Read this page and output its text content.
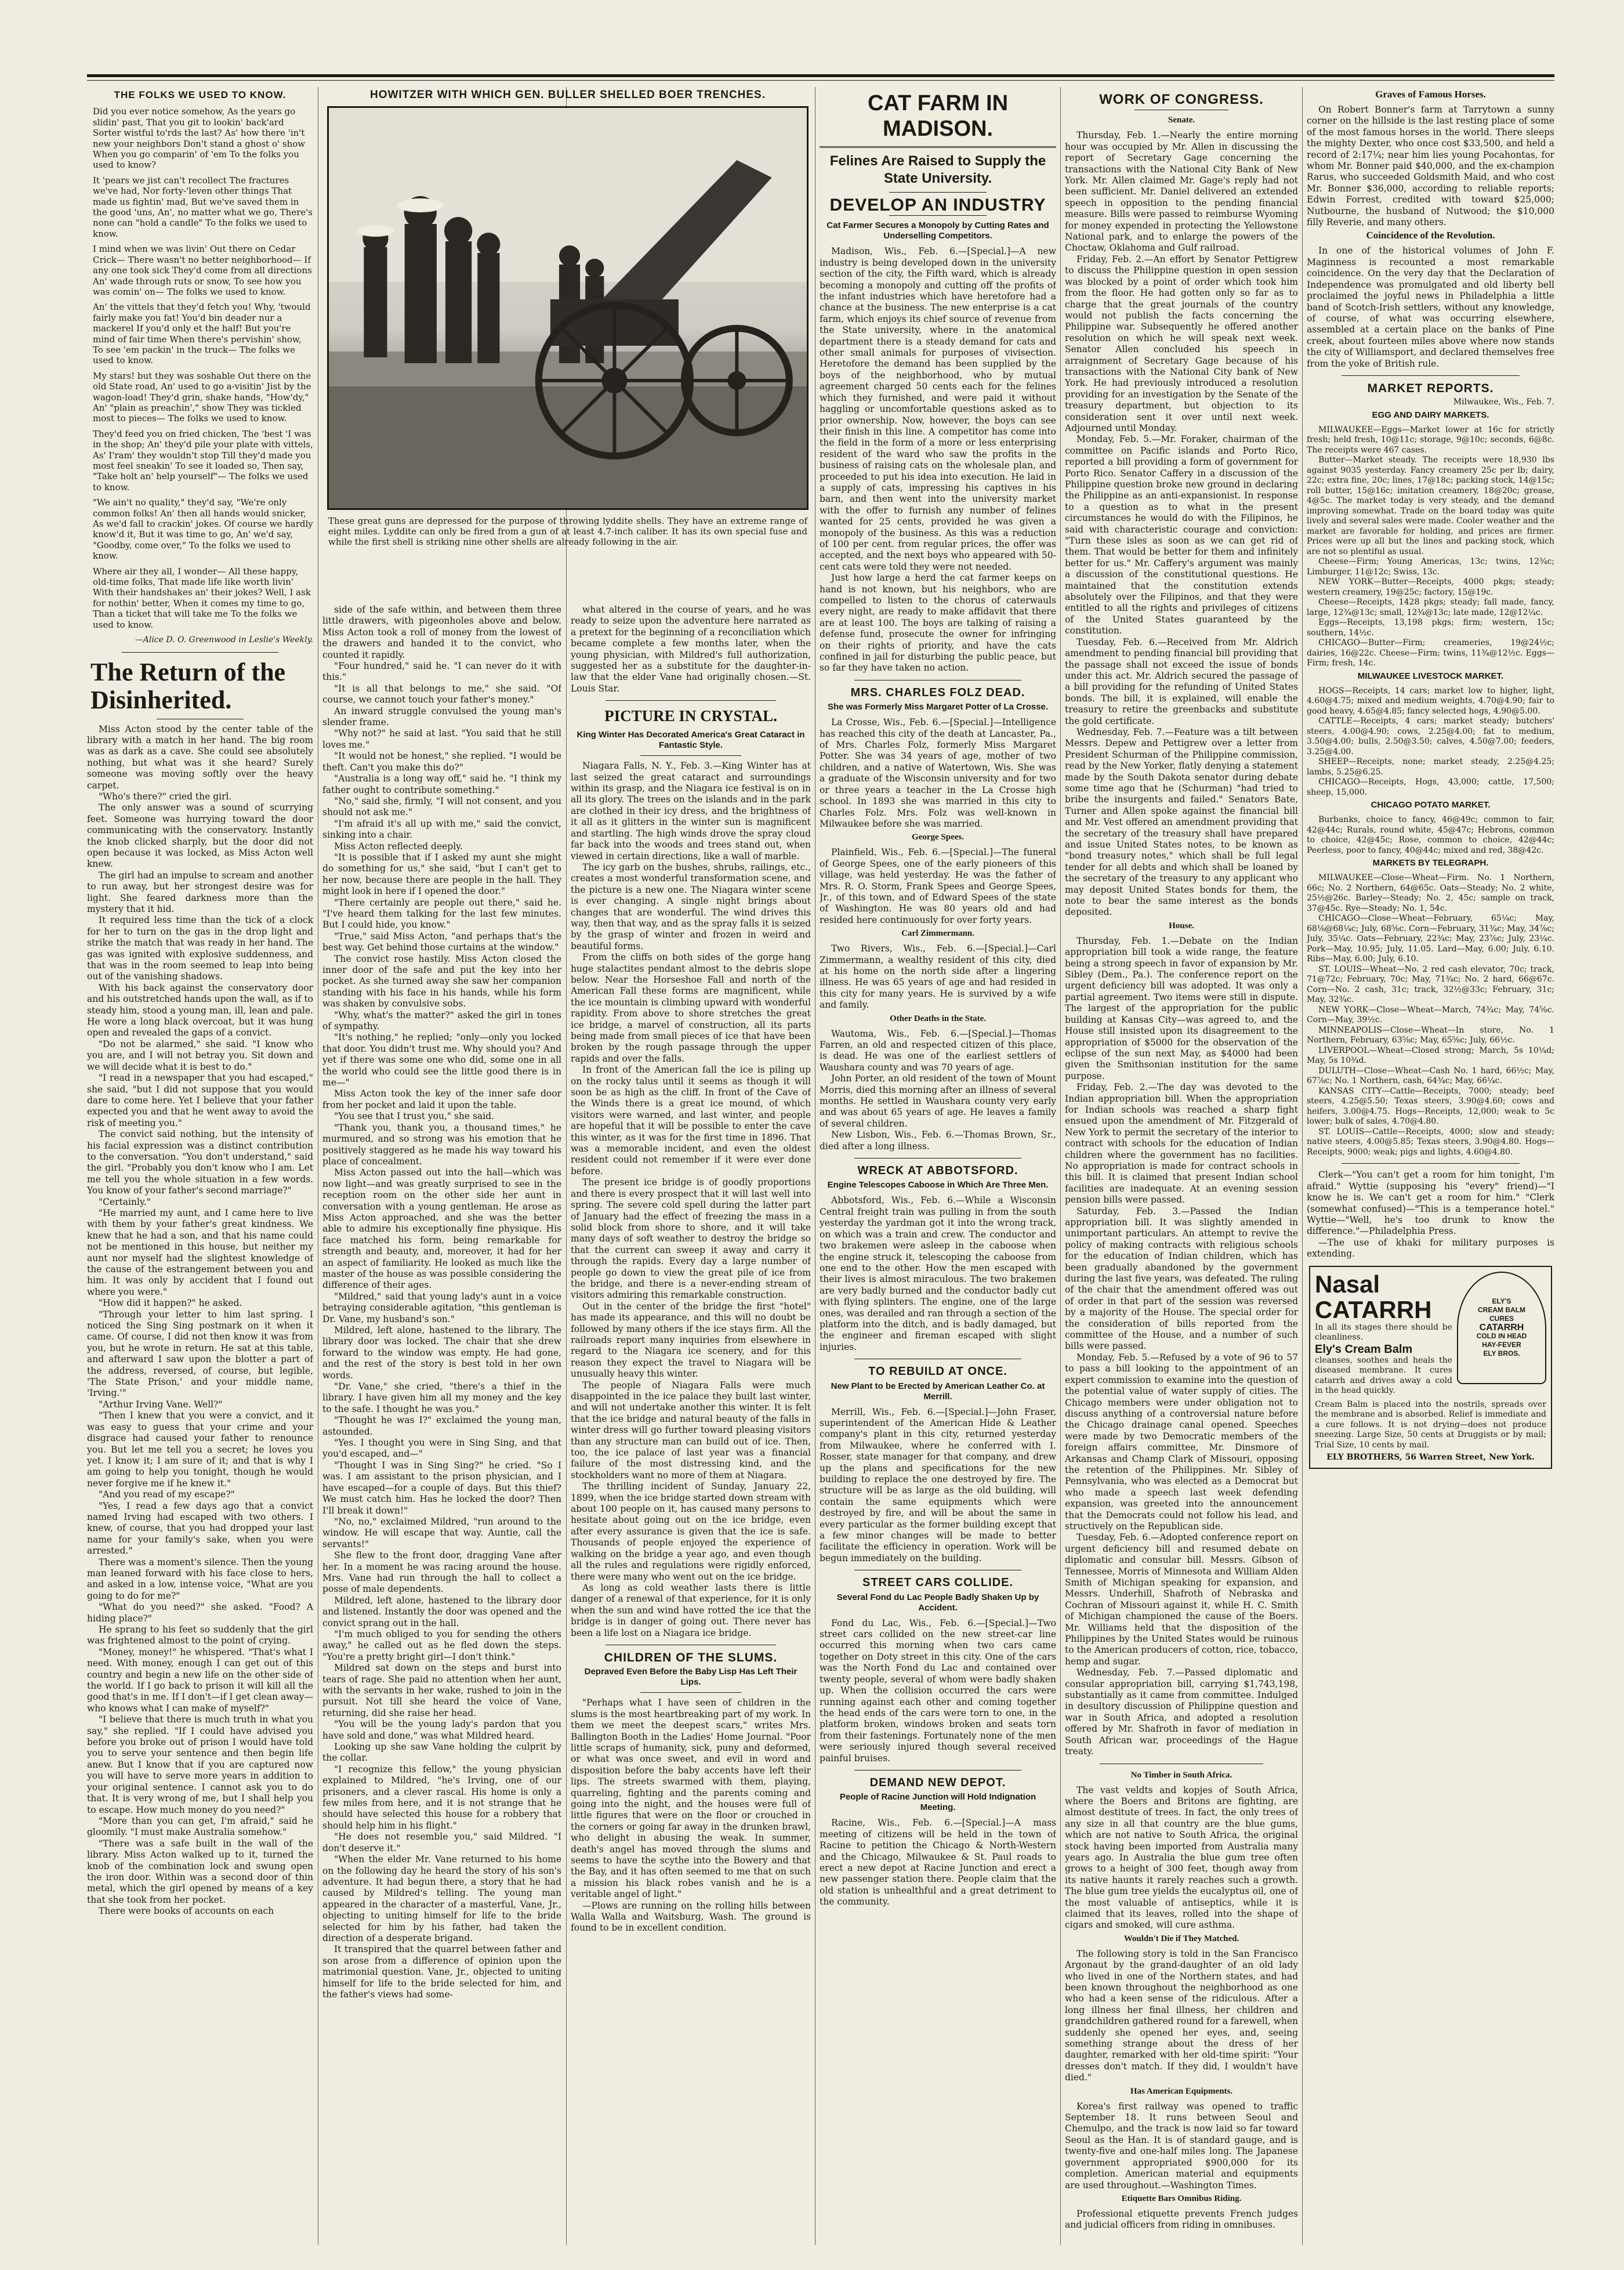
THE FOLKS WE USED TO KNOW.

Did you ever notice somehow, As the years go slidin' past, That you git to lookin' back'ard Sorter wistful to'rds the last? As' how there 'in't new your neighbors Don't stand a ghost o' show When you go comparin' of 'em To the folks you used to know?

It 'pears we jist can't recollect The fractures we've had, Nor forty-'leven other things That made us fightin' mad, But we've saved them in the good 'uns, An', no matter what we go, There's none can "hold a candle" To the folks we used to know.

I mind when we was livin' Out there on Cedar Crick— There wasn't no better neighborhood— If any one took sick They'd come from all directions An' wade through ruts or snow, To see how you was comin' on— The folks we used to know.

An' the vittels that they'd fetch you! Why, 'twould fairly make you fat! You'd bin deader nur a mackerel If you'd only et the half! But you're mind of fair time When there's pervishin' show, To see 'em packin' in the truck— The folks we used to know.

My stars! but they was soshable Out there on the old State road, An' used to go a-visitin' Jist by the wagon-load! They'd grin, shake hands, "How'dy," An' "plain as preachin'," show They was tickled most to pieces— The folks we used to know.

They'd feed you on fried chicken, The 'best 'I was in the shop; An' they'd pile your plate with vittels, As' I'ram' they wouldn't stop Till they'd made you most feel sneakin' To see it loaded so, Then say, "Take holt an' help yourself"— The folks we used to know.

"We ain't no quality," they'd say, "We're only common folks! An' then all hands would snicker, As we'd fall to crackin' jokes. Of course we hardly know'd it, But it was time to go, An' we'd say, "Goodby, come over," To the folks we used to know.

Where air they all, I wonder— All these happy, old-time folks, That made life like worth livin' With their handshakes an' their jokes? Well, I ask for nothin' better, When it comes my time to go, Than a ticket that will take me To the folks we used to know.

—Alice D. O. Greenwood in Leslie's Weekly.
The Return of the Disinherited.

Miss Acton stood by the center table of the library with a match in her hand. The big room was as dark as a cave. She could see absolutely nothing, but what was it she heard? Surely someone was moving softly over the heavy carpet.

"Who's there?" cried the girl.

The only answer was a sound of scurrying feet. Someone was hurrying toward the door communicating with the conservatory. Instantly the knob clicked sharply, but the door did not open because it was locked, as Miss Acton well knew.

The girl had an impulse to scream and another to run away, but her strongest desire was for light. She feared darkness more than the mystery that it hid.

It required less time than the tick of a clock for her to turn on the gas in the drop light and strike the match that was ready in her hand. The gas was ignited with explosive suddenness, and that was in the room seemed to leap into being out of the vanishing shadows.

With his back against the conservatory door and his outstretched hands upon the wall, as if to steady him, stood a young man, ill, lean and pale. He wore a long black overcoat, but it was hung open and revealed the gaps of a convict.

"Do not be alarmed," she said. "I know who you are, and I will not betray you. Sit down and we will decide what it is best to do."

"I read in a newspaper that you had escaped," she said, "but I did not suppose that you would dare to come here. Yet I believe that your father expected you and that he went away to avoid the risk of meeting you."

The convict said nothing, but the intensity of his facial expression was a distinct contribution to the conversation. "You don't understand," said the girl. "Probably you don't know who I am. Let me tell you the whole situation in a few words. You know of your father's second marriage?"

"Certainly."

"He married my aunt, and I came here to live with them by your father's great kindness. We knew that he had a son, and that his name could not be mentioned in this house, but neither my aunt nor myself had the slightest knowledge of the cause of the estrangement between you and him. It was only by accident that I found out where you were."

"How did it happen?" he asked.

"Through your letter to him last spring. I noticed the Sing Sing postmark on it when it came. Of course, I did not then know it was from you, but he wrote in return. He sat at this table, and afterward I saw upon the blotter a part of the address, reversed, of course, but legible, 'The State Prison,' and your middle name, 'Irving.'"

"Arthur Irving Vane. Well?"

"Then I knew that you were a convict, and it was easy to guess that your crime and your disgrace had caused your father to renounce you. But let me tell you a secret; he loves you yet. I know it; I am sure of it; and that is why I am going to help you tonight, though he would never forgive me if he knew it."

"And you read of my escape?"

"Yes, I read a few days ago that a convict named Irving had escaped with two others. I knew, of course, that you had dropped your last name for your family's sake, when you were arrested."

There was a moment's silence. Then the young man leaned forward with his face close to hers, and asked in a low, intense voice, "What are you going to do for me?"

"What do you need?" she asked. "Food? A hiding place?"

He sprang to his feet so suddenly that the girl was frightened almost to the point of crying.

"Money, money!" he whispered. "That's what I need. With money, enough I can get out of this country and begin a new life on the other side of the world. If I go back to prison it will kill all the good that's in me. If I don't—if I get clean away—who knows what I can make of myself?"

"I believe that there is much truth in what you say," she replied. "If I could have advised you before you broke out of prison I would have told you to serve your sentence and then begin life anew. But I know that if you are captured now you will have to serve more years in addition to your original sentence. I cannot ask you to do that. It is very wrong of me, but I shall help you to escape. How much money do you need?"

"More than you can get, I'm afraid," said he gloomily. "I must make Australia somehow."

"There was a safe built in the wall of the library. Miss Acton walked up to it, turned the knob of the combination lock and swung open the iron door. Within was a second door of thin metal, which the girl opened by means of a key that she took from her pocket.

There were books of accounts on each

HOWITZER WITH WHICH GEN. BULLER SHELLED BOER TRENCHES.
These great guns are depressed for the purpose of throwing lyddite shells. They have an extreme range of eight miles. Lyddite can only be fired from a gun of at least 4.7-inch caliber. It has its own special fuse and while the first shell is striking nine other shells are already following in the air.

side of the safe within, and between them three little drawers, with pigeonholes above and below. Miss Acton took a roll of money from the lowest of the drawers and handed it to the convict, who counted it rapidly.

"Four hundred," said he. "I can never do it with this."

"It is all that belongs to me," she said. "Of course, we cannot touch your father's money."

An inward struggle convulsed the young man's slender frame.

"Why not?" he said at last. "You said that he still loves me."

"It would not be honest," she replied. "I would be theft. Can't you make this do?"

"Australia is a long way off," said he. "I think my father ought to contribute something."

"No," said she, firmly, "I will not consent, and you should not ask me."

"I'm afraid it's all up with me," said the convict, sinking into a chair.

Miss Acton reflected deeply.

"It is possible that if I asked my aunt she might do something for us," she said, "but I can't get to her now, because there are people in the hall. They might look in here if I opened the door."

"There certainly are people out there," said he. "I've heard them talking for the last few minutes. But I could hide, you know."

"True," said Miss Acton, "and perhaps that's the best way. Get behind those curtains at the window."

The convict rose hastily. Miss Acton closed the inner door of the safe and put the key into her pocket. As she turned away she saw her companion standing with his face in his hands, while his form was shaken by convulsive sobs.

"Why, what's the matter?" asked the girl in tones of sympathy.

"It's nothing," he replied; "only—only you locked that door. You didn't trust me. Why should you? And yet if there was some one who did, some one in all the world who could see the little good there is in me—"

Miss Acton took the key of the inner safe door from her pocket and laid it upon the table.

"You see that I trust you," she said.

"Thank you, thank you, a thousand times," he murmured, and so strong was his emotion that he positively staggered as he made his way toward his place of concealment.

Miss Acton passed out into the hall—which was now light—and was greatly surprised to see in the reception room on the other side her aunt in conversation with a young gentleman. He arose as Miss Acton approached, and she was the better able to admire his exceptionally fine physique. His face matched his form, being remarkable for strength and beauty, and, moreover, it had for her an aspect of familiarity. He looked as much like the master of the house as was possible considering the difference of their ages.

"Mildred," said that young lady's aunt in a voice betraying considerable agitation, "this gentleman is Dr. Vane, my husband's son."

Mildred, left alone, hastened to the library. The library door was locked. The chair that she drew forward to the window was empty. He had gone, and the rest of the story is best told in her own words.

"Dr. Vane," she cried, "there's a thief in the library. I have given him all my money and the key to the safe. I thought he was you."

"Thought he was I?" exclaimed the young man, astounded.

"Yes. I thought you were in Sing Sing, and that you'd escaped, and—"

"Thought I was in Sing Sing?" he cried. "So I was. I am assistant to the prison physician, and I have escaped—for a couple of days. But this thief? We must catch him. Has he locked the door? Then I'll break it down!"

"No, no," exclaimed Mildred, "run around to the window. He will escape that way. Auntie, call the servants!"

She flew to the front door, dragging Vane after her. In a moment he was racing around the house. Mrs. Vane had run through the hall to collect a posse of male dependents.

Mildred, left alone, hastened to the library door and listened. Instantly the door was opened and the convict sprang out in the hall.

"I'm much obliged to you for sending the others away," he called out as he fled down the steps. "You're a pretty bright girl—I don't think."

Mildred sat down on the steps and burst into tears of rage. She paid no attention when her aunt, with the servants in her wake, rushed to join in the pursuit. Not till she heard the voice of Vane, returning, did she raise her head.

"You will be the young lady's pardon that you have sold and done," was what Mildred heard.

Looking up she saw Vane holding the culprit by the collar.

"I recognize this fellow," the young physician explained to Mildred, "he's Irving, one of our prisoners, and a clever rascal. His home is only a few miles from here, and it is not strange that he should have selected this house for a robbery that should help him in his flight."

"He does not resemble you," said Mildred. "I don't deserve it."

"When the elder Mr. Vane returned to his home on the following day he heard the story of his son's adventure. It had begun there, a story that he had caused by Mildred's telling. The young man appeared in the character of a masterful, Vane, Jr., objecting to uniting himself for life to the bride selected for him by his father, had taken the direction of a desperate brigand.

It transpired that the quarrel between father and son arose from a difference of opinion upon the matrimonial question. Vane, Jr., objected to uniting himself for life to the bride selected for him, and the father's views had some-

what altered in the course of years, and he was ready to seize upon the adventure here narrated as a pretext for the beginning of a reconciliation which became complete a few months later, when the young physician, with Mildred's full authorization, suggested her as a substitute for the daughter-in-law that the elder Vane had originally chosen.—St. Louis Star.

PICTURE IN CRYSTAL.
King Winter Has Decorated America's Great Cataract in Fantastic Style.

Niagara Falls, N. Y., Feb. 3.—King Winter has at last seized the great cataract and surroundings within its grasp, and the Niagara ice festival is on in all its glory. The trees on the islands and in the park are clothed in their icy dress, and the brightness of it all as it glitters in the winter sun is magnificent and startling. The high winds drove the spray cloud far back into the woods and trees stand out, when viewed in certain directions, like a wall of marble.

The icy garb on the bushes, shrubs, railings, etc., creates a most wonderful transformation scene, and the picture is a new one. The Niagara winter scene is ever changing. A single night brings about changes that are wonderful. The wind drives this way, then that way, and as the spray falls it is seized by the grasp of winter and frozen in weird and beautiful forms.

From the cliffs on both sides of the gorge hang huge stalactites pendant almost to the debris slope below. Near the Horseshoe Fall and north of the American Fall these forms are magnificent, while the ice mountain is climbing upward with wonderful rapidity. From above to shore stretches the great ice bridge, a marvel of construction, all its parts being made from small pieces of ice that have been broken by the rough passage through the upper rapids and over the falls.

In front of the American fall the ice is piling up on the rocky talus until it seems as though it will soon be as high as the cliff. In front of the Cave of the Winds there is a great ice mound, of which visitors were warned, and last winter, and people are hopeful that it will be possible to enter the cave this winter, as it was for the first time in 1896. That was a memorable incident, and even the oldest resident could not remember if it were ever done before.

The present ice bridge is of goodly proportions and there is every prospect that it will last well into spring. The severe cold spell during the latter part of January had the effect of freezing the mass in a solid block from shore to shore, and it will take many days of soft weather to destroy the bridge so that the current can sweep it away and carry it through the rapids. Every day a large number of people go down to view the great pile of ice from the bridge, and there is a never-ending stream of visitors admiring this remarkable construction.

Out in the center of the bridge the first "hotel" has made its appearance, and this will no doubt be followed by many others if the ice stays firm. All the railroads report many inquiries from elsewhere in regard to the Niagara ice scenery, and for this reason they expect the travel to Niagara will be unusually heavy this winter.

The people of Niagara Falls were much disappointed in the ice palace they built last winter, and will not undertake another this winter. It is felt that the ice bridge and natural beauty of the falls in winter dress will go further toward pleasing visitors than any structure man can build out of ice. Then, too, the ice palace of last year was a financial failure of the most distressing kind, and the stockholders want no more of them at Niagara.

The thrilling incident of Sunday, January 22, 1899, when the ice bridge started down stream with about 100 people on it, has caused many persons to hesitate about going out on the ice bridge, even after every assurance is given that the ice is safe. Thousands of people enjoyed the experience of walking on the bridge a year ago, and even though all the rules and regulations were rigidly enforced, there were many who went out on the ice bridge.

As long as cold weather lasts there is little danger of a renewal of that experience, for it is only when the sun and wind have rotted the ice that the bridge is in danger of going out. There never has been a life lost on a Niagara ice bridge.

CHILDREN OF THE SLUMS.
Depraved Even Before the Baby Lisp Has Left Their Lips.

"Perhaps what I have seen of children in the slums is the most heartbreaking part of my work. In them we meet the deepest scars," writes Mrs. Ballington Booth in the Ladies' Home Journal. "Poor little scraps of humanity, sick, puny and deformed, or what was once sweet, and evil in word and disposition before the baby accents have left their lips. The streets swarmed with them, playing, quarreling, fighting and the parents coming and going into the night, and the houses were full of little figures that were on the floor or crouched in the corners or going far away in the drunken brawl, who delight in abusing the weak. In summer, death's angel has moved through the slums and seems to have the scythe into the Bowery and that the Bay, and it has often seemed to me that on such a mission his black robes vanish and he is a veritable angel of light."

—Plows are running on the rolling hills between Walla Walla and Waitsburg, Wash. The ground is found to be in excellent condition.

CAT FARM IN MADISON.
Felines Are Raised to Supply the State University.
DEVELOP AN INDUSTRY
Cat Farmer Secures a Monopoly by Cutting Rates and Underselling Competitors.

Madison, Wis., Feb. 6.—[Special.]—A new industry is being developed down in the university section of the city, the Fifth ward, which is already becoming a monopoly and cutting off the profits of the infant industries which have heretofore had a chance at the business. The new enterprise is a cat farm, which enjoys its chief source of revenue from the State university, where in the anatomical department there is a steady demand for cats and other small animals for purposes of vivisection. Heretofore the demand has been supplied by the boys of the neighborhood, who by mutual agreement charged 50 cents each for the felines which they furnished, and were paid it without haggling or uncomfortable questions asked as to prior ownership. Now, however, the boys can see their finish in this line. A competitor has come into the field in the form of a more or less enterprising resident of the ward who saw the profits in the business of raising cats on the wholesale plan, and proceeded to put his idea into execution. He laid in a supply of cats, impressing his captives in his barn, and then went into the university market with the offer to furnish any number of felines wanted for 25 cents, provided he was given a monopoly of the business. As this was a reduction of 100 per cent. from regular prices, the offer was accepted, and the next boys who appeared with 50-cent cats were told they were not needed.

Just how large a herd the cat farmer keeps on hand is not known, but his neighbors, who are compelled to listen to the chorus of caterwauls every night, are ready to make affidavit that there are at least 100. The boys are talking of raising a defense fund, prosecute the owner for infringing on their rights of priority, and have the cats confined in jail for disturbing the public peace, but so far they have taken no action.

MRS. CHARLES FOLZ DEAD.
She was Formerly Miss Margaret Potter of La Crosse.

La Crosse, Wis., Feb. 6.—[Special.]—Intelligence has reached this city of the death at Lancaster, Pa., of Mrs. Charles Folz, formerly Miss Margaret Potter. She was 34 years of age, mother of two children, and a native of Watertown, Wis. She was a graduate of the Wisconsin university and for two or three years a teacher in the La Crosse high school. In 1893 she was married in this city to Charles Folz. Mrs. Folz was well-known in Milwaukee before she was married.

George Spees.

Plainfield, Wis., Feb. 6.—[Special.]—The funeral of George Spees, one of the early pioneers of this village, was held yesterday. He was the father of Mrs. R. O. Storm, Frank Spees and George Spees, Jr., of this town, and of Edward Spees of the state of Washington. He was 80 years old and had resided here continuously for over forty years.

Carl Zimmermann.

Two Rivers, Wis., Feb. 6.—[Special.]—Carl Zimmermann, a wealthy resident of this city, died at his home on the north side after a lingering illness. He was 65 years of age and had resided in this city for many years. He is survived by a wife and family.

Other Deaths in the State.

Wautoma, Wis., Feb. 6.—[Special.]—Thomas Farren, an old and respected citizen of this place, is dead. He was one of the earliest settlers of Waushara county and was 70 years of age.

John Porter, an old resident of the town of Mount Morris, died this morning after an illness of several months. He settled in Waushara county very early and was about 65 years of age. He leaves a family of several children.

New Lisbon, Wis., Feb. 6.—Thomas Brown, Sr., died after a long illness.

WRECK AT ABBOTSFORD.
Engine Telescopes Caboose in Which Are Three Men.

Abbotsford, Wis., Feb. 6.—While a Wisconsin Central freight train was pulling in from the south yesterday the yardman got it into the wrong track, on which was a train and crew. The conductor and two brakemen were asleep in the caboose when the engine struck it, telescoping the caboose from one end to the other. How the men escaped with their lives is almost miraculous. The two brakemen are very badly burned and the conductor badly cut with flying splinters. The engine, one of the large ones, was derailed and ran through a section of the platform into the ditch, and is badly damaged, but the engineer and fireman escaped with slight injuries.

TO REBUILD AT ONCE.
New Plant to be Erected by American Leather Co. at Merrill.

Merrill, Wis., Feb. 6.—[Special.]—John Fraser, superintendent of the American Hide & Leather company's plant in this city, returned yesterday from Milwaukee, where he conferred with I. Rosser, state manager for that company, and drew up the plans and specifications for the new building to replace the one destroyed by fire. The structure will be as large as the old building, will contain the same equipments which were destroyed by fire, and will be about the same in every particular as the former building except that a few minor changes will be made to better facilitate the efficiency in operation. Work will be begun immediately on the building.

STREET CARS COLLIDE.
Several Fond du Lac People Badly Shaken Up by Accident.

Fond du Lac, Wis., Feb. 6.—[Special.]—Two street cars collided on the new street-car line occurred this morning when two cars came together on Doty street in this city. One of the cars was the North Fond du Lac and contained over twenty people, several of whom were badly shaken up. When the collision occurred the cars were running against each other and coming together the head ends of the cars were torn to one, in the platform broken, windows broken and seats torn from their fastenings. Fortunately none of the men were seriously injured though several received painful bruises.

DEMAND NEW DEPOT.
People of Racine Junction will Hold Indignation Meeting.

Racine, Wis., Feb. 6.—[Special.]—A mass meeting of citizens will be held in the town of Racine to petition the Chicago & North-Western and the Chicago, Milwaukee & St. Paul roads to erect a new depot at Racine Junction and erect a new passenger station there. People claim that the old station is unhealthful and a great detriment to the community.

WORK OF CONGRESS.
Senate.

Thursday, Feb. 1.—Nearly the entire morning hour was occupied by Mr. Allen in discussing the report of Secretary Gage concerning the transactions with the National City Bank of New York. Mr. Allen claimed Mr. Gage's reply had not been sufficient. Mr. Daniel delivered an extended speech in opposition to the pending financial measure. Bills were passed to reimburse Wyoming for money expended in protecting the Yellowstone National park, and to enlarge the powers of the Choctaw, Oklahoma and Gulf railroad.

Friday, Feb. 2.—An effort by Senator Pettigrew to discuss the Philippine question in open session was blocked by a point of order which took him from the floor. He had gotten only so far as to charge that the great journals of the country would not publish the facts concerning the Philippine war. Subsequently he offered another resolution on which he will speak next week. Senator Allen concluded his speech in arraignment of Secretary Gage because of his transactions with the National City bank of New York. He had previously introduced a resolution providing for an investigation by the Senate of the treasury department, but objection to its consideration sent it over until next week. Adjourned until Monday.

Monday, Feb. 5.—Mr. Foraker, chairman of the committee on Pacific islands and Porto Rico, reported a bill providing a form of government for Porto Rico. Senator Caffery in a discussion of the Philippine question broke new ground in declaring the Philippine as an anti-expansionist. In response to a question as to what in the present circumstances he would do with the Filipinos, he said with characteristic courage and conviction: "Turn these isles as soon as we can get rid of them. That would be better for them and infinitely better for us." Mr. Caffery's argument was mainly a discussion of the constitutional questions. He maintained that the constitution extends absolutely over the Filipinos, and that they were entitled to all the rights and privileges of citizens of the United States guaranteed by the constitution.

Tuesday, Feb. 6.—Received from Mr. Aldrich amendment to pending financial bill providing that the passage shall not exceed the issue of bonds under this act. Mr. Aldrich secured the passage of a bill providing for the refunding of United States bonds. The bill, it is explained, will enable the treasury to retire the greenbacks and substitute the gold certificate.

Wednesday, Feb. 7.—Feature was a tilt between Messrs. Depew and Pettigrew over a letter from President Schurman of the Philippine commission, read by the New Yorker, flatly denying a statement made by the South Dakota senator during debate some time ago that he (Schurman) "had tried to bribe the insurgents and failed." Senators Bate, Turner and Allen spoke against the financial bill and Mr. Vest offered an amendment providing that the secretary of the treasury shall have prepared and issue United States notes, to be known as "bond treasury notes," which shall be full legal tender for all debts and which shall be loaned by the secretary of the treasury to any applicant who may deposit United States bonds for them, the note to bear the same interest as the bonds deposited.

House.

Thursday, Feb. 1.—Debate on the Indian appropriation bill took a wide range, the feature being a strong speech in favor of expansion by Mr. Sibley (Dem., Pa.). The conference report on the urgent deficiency bill was adopted. It was only a partial agreement. Two items were still in dispute. The largest of the appropriation for the public building at Kansas City—was agreed to, and the House still insisted upon its disagreement to the appropriation of $5000 for the observation of the eclipse of the sun next May, as $4000 had been given the Smithsonian institution for the same purpose.

Friday, Feb. 2.—The day was devoted to the Indian appropriation bill. When the appropriation for Indian schools was reached a sharp fight ensued upon the amendment of Mr. Fitzgerald of New York to permit the secretary of the interior to contract with schools for the education of Indian children where the government has no facilities. No appropriation is made for contract schools in this bill. It is claimed that present Indian school facilities are inadequate. At an evening session pension bills were passed.

Saturday, Feb. 3.—Passed the Indian appropriation bill. It was slightly amended in unimportant particulars. An attempt to revive the policy of making contracts with religious schools for the education of Indian children, which has been gradually abandoned by the government during the last five years, was defeated. The ruling of the chair that the amendment offered was out of order in that part of the session was reversed by a majority of the House. The special order for the consideration of bills reported from the committee of the House, and a number of such bills were passed.

Monday, Feb. 5.—Refused by a vote of 96 to 57 to pass a bill looking to the appointment of an expert commission to examine into the question of the potential value of water supply of cities. The Chicago members were under obligation not to discuss anything of a controversial nature before the Chicago drainage canal opened. Speeches were made by two Democratic members of the foreign affairs committee, Mr. Dinsmore of Arkansas and Champ Clark of Missouri, opposing the retention of the Philippines. Mr. Sibley of Pennsylvania, who was elected as a Democrat but who made a speech last week defending expansion, was greeted into the announcement that the Democrats could not follow his lead, and structively on the Republican side.

Tuesday, Feb. 6.—Adopted conference report on urgent deficiency bill and resumed debate on diplomatic and consular bill. Messrs. Gibson of Tennessee, Morris of Minnesota and William Alden Smith of Michigan speaking for expansion, and Messrs. Underhill, Shafroth of Nebraska and Cochran of Missouri against it, while H. C. Smith of Michigan championed the cause of the Boers. Mr. Williams held that the disposition of the Philippines by the United States would be ruinous to the American producers of cotton, rice, tobacco, hemp and sugar.

Wednesday, Feb. 7.—Passed diplomatic and consular appropriation bill, carrying $1,743,198, substantially as it came from committee. Indulged in desultory discussion of Philippine question and war in South Africa, and adopted a resolution offered by Mr. Shafroth in favor of mediation in South African war, proceedings of the Hague treaty.

No Timber in South Africa.

The vast veldts and kopjes of South Africa, where the Boers and Britons are fighting, are almost destitute of trees. In fact, the only trees of any size in all that country are the blue gums, which are not native to South Africa, the original stock having been imported from Australia many years ago. In Australia the blue gum tree often grows to a height of 300 feet, though away from its native haunts it rarely reaches such a growth. The blue gum tree yields the eucalyptus oil, one of the most valuable of antiseptics, while it is claimed that its leaves, rolled into the shape of cigars and smoked, will cure asthma.

Wouldn't Die if They Matched.

The following story is told in the San Francisco Argonaut by the grand-daughter of an old lady who lived in one of the Northern states, and had been known throughout the neighborhood as one who had a keen sense of the ridiculous. After a long illness her final illness, her children and grandchildren gathered round for a farewell, when suddenly she opened her eyes, and, seeing something strange about the dress of her daughter, remarked with her old-time spirit: "Your dresses don't match. If they did, I wouldn't have died."

Has American Equipments.

Korea's first railway was opened to traffic September 18. It runs between Seoul and Chemulpo, and the track is now laid so far toward Seoul as the Han. It is of standard gauge, and is twenty-five and one-half miles long. The Japanese government appropriated $900,000 for its completion. American material and equipments are used throughout.—Washington Times.

Etiquette Bars Omnibus Riding.

Professional etiquette prevents French judges and judicial officers from riding in omnibuses.

Graves of Famous Horses.

On Robert Bonner's farm at Tarrytown a sunny corner on the hillside is the last resting place of some of the most famous horses in the world. There sleeps the mighty Dexter, who once cost $33,500, and held a record of 2:17¼; near him lies young Pocahontas, for whom Mr. Bonner paid $40,000, and the ex-champion Rarus, who succeeded Goldsmith Maid, and who cost Mr. Bonner $36,000, according to reliable reports; Edwin Forrest, credited with toward $25,000; Nutbourne, the husband of Nutwood; the $10,000 filly Reverie, and many others.

Coincidence of the Revolution.

In one of the historical volumes of John F. Maginness is recounted a most remarkable coincidence. On the very day that the Declaration of Independence was promulgated and old liberty bell proclaimed the joyful news in Philadelphia a little band of Scotch-Irish settlers, without any knowledge, of course, of what was occurring elsewhere, assembled at a certain place on the banks of Pine creek, about fourteen miles above where now stands the city of Williamsport, and declared themselves free from the yoke of British rule.

MARKET REPORTS.
Milwaukee, Wis., Feb. 7.
EGG AND DAIRY MARKETS.

MILWAUKEE—Eggs—Market lower at 16c for strictly fresh; held fresh, 10@11c; storage, 9@10c; seconds, 6@8c. The receipts were 467 cases.

Butter—Market steady. The receipts were 18,930 lbs against 9035 yesterday. Fancy creamery 25c per lb; dairy, 22c; extra fine, 20c; lines, 17@18c; packing stock, 14@15c; roll butter, 15@16c; imitation creamery, 18@20c; grease, 4@5c. The market today is very steady, and the demand improving somewhat. Trade on the board today was quite lively and several sales were made. Cooler weather and the market are favorable for holding, and prices are firmer. Prices were up all but the lines and packing stock, which are not so plentiful as usual.

Cheese—Firm; Young Americas, 13c; twins, 12¾c; Limburger, 11@12c; Swiss, 13c.

NEW YORK—Butter—Receipts, 4000 pkgs; steady; western creamery, 19@25c; factory, 15@19c.

Cheese—Receipts, 1428 pkgs; steady; fall made, fancy, large, 12¾@13c; small, 12¾@13c; late made, 12@12¼c.

Eggs—Receipts, 13,198 pkgs; firm; western, 15c; southern, 14½c.

CHICAGO—Butter—Firm; creameries, 19@24½c; dairies, 16@22c. Cheese—Firm; twins, 11¾@12½c. Eggs—Firm; fresh, 14c.

MILWAUKEE LIVESTOCK MARKET.

HOGS—Receipts, 14 cars; market low to higher, light, 4.60@4.75; mixed and medium weights, 4.70@4.90; fair to good heavy, 4.65@4.85; fancy selected hogs, 4.90@5.00.

CATTLE—Receipts, 4 cars; market steady; butchers' steers, 4.00@4.90; cows, 2.25@4.00; fat to medium, 3.50@4.00; bulls, 2.50@3.50; calves, 4.50@7.00; feeders, 3.25@4.00.

SHEEP—Receipts, none; market steady, 2.25@4.25; lambs, 5.25@6.25.

CHICAGO—Receipts, Hogs, 43,000; cattle, 17,500; sheep, 15,000.

CHICAGO POTATO MARKET.

Burbanks, choice to fancy, 46@49c; common to fair, 42@44c; Rurals, round white, 45@47c; Hebrons, common to choice, 42@45c; Rose, common to choice, 42@44c; Peerless, poor to fancy, 40@44c; mixed and red, 38@42c.

MARKETS BY TELEGRAPH.

MILWAUKEE—Close—Wheat—Firm. No. 1 Northern, 66c; No. 2 Northern, 64@65c. Oats—Steady; No. 2 white, 25½@26c. Barley—Steady; No. 2, 45c; sample on track, 37@45c. Rye—Steady; No. 1, 54c.

CHICAGO—Close—Wheat—February, 65¼c; May, 68⅛@68¼c; July, 68⅝c. Corn—February, 31¾c; May, 34⅞c; July, 35¼c. Oats—February, 22¾c; May, 23⅞c; July, 23¼c. Pork—May, 10.95; July, 11.05. Lard—May, 6.00; July, 6.10. Ribs—May, 6.00; July, 6.10.

ST. LOUIS—Wheat—No. 2 red cash elevator, 70c; track, 71@72c; February, 70c; May, 71¾c; No. 2 hard, 66@67c. Corn—No. 2 cash, 31c; track, 32½@33c; February, 31c; May, 32¾c.

NEW YORK—Close—Wheat—March, 74¾c; May, 74⅝c. Corn—May, 39½c.

MINNEAPOLIS—Close—Wheat—In store, No. 1 Northern, February, 63⅝c; May, 65⅝c; July, 66½c.

LIVERPOOL—Wheat—Closed strong; March, 5s 10¼d; May, 5s 10¾d.

DULUTH—Close—Wheat—Cash No. 1 hard, 66½c; May, 67⅞c; No. 1 Northern, cash, 64¾c; May, 66¼c.

KANSAS CITY—Cattle—Receipts, 7000; steady; beef steers, 4.25@5.50; Texas steers, 3.90@4.60; cows and heifers, 3.00@4.75. Hogs—Receipts, 12,000; weak to 5c lower; bulk of sales, 4.70@4.80.

ST. LOUIS—Cattle—Receipts, 4000; slow and steady; native steers, 4.00@5.85; Texas steers, 3.90@4.80. Hogs—Receipts, 9000; weak; pigs and lights, 4.60@4.80.

Clerk—"You can't get a room for him tonight, I'm afraid." Wyttie (supposing his "every" friend)—"I know he is. We can't get a room for him." "Clerk (somewhat confused)—"This is a temperance hotel." Wyttie—"Well, he's too drunk to know the difference."—Philadelphia Press.

—The use of khaki for military purposes is extending.

Nasal CATARRH
In all its stages there should be cleanliness.
Ely's Cream Balm
cleanses, soothes and heals the diseased membrane. It cures catarrh and drives away a cold in the head quickly.
ELY'S
CREAM BALM
CURES
CATARRH
COLD IN HEAD
HAY-FEVER
ELY BROS.
Cream Balm is placed into the nostrils, spreads over the membrane and is absorbed. Relief is immediate and a cure follows. It is not drying—does not produce sneezing. Large Size, 50 cents at Druggists or by mail; Trial Size, 10 cents by mail.
ELY BROTHERS, 56 Warren Street, New York.
